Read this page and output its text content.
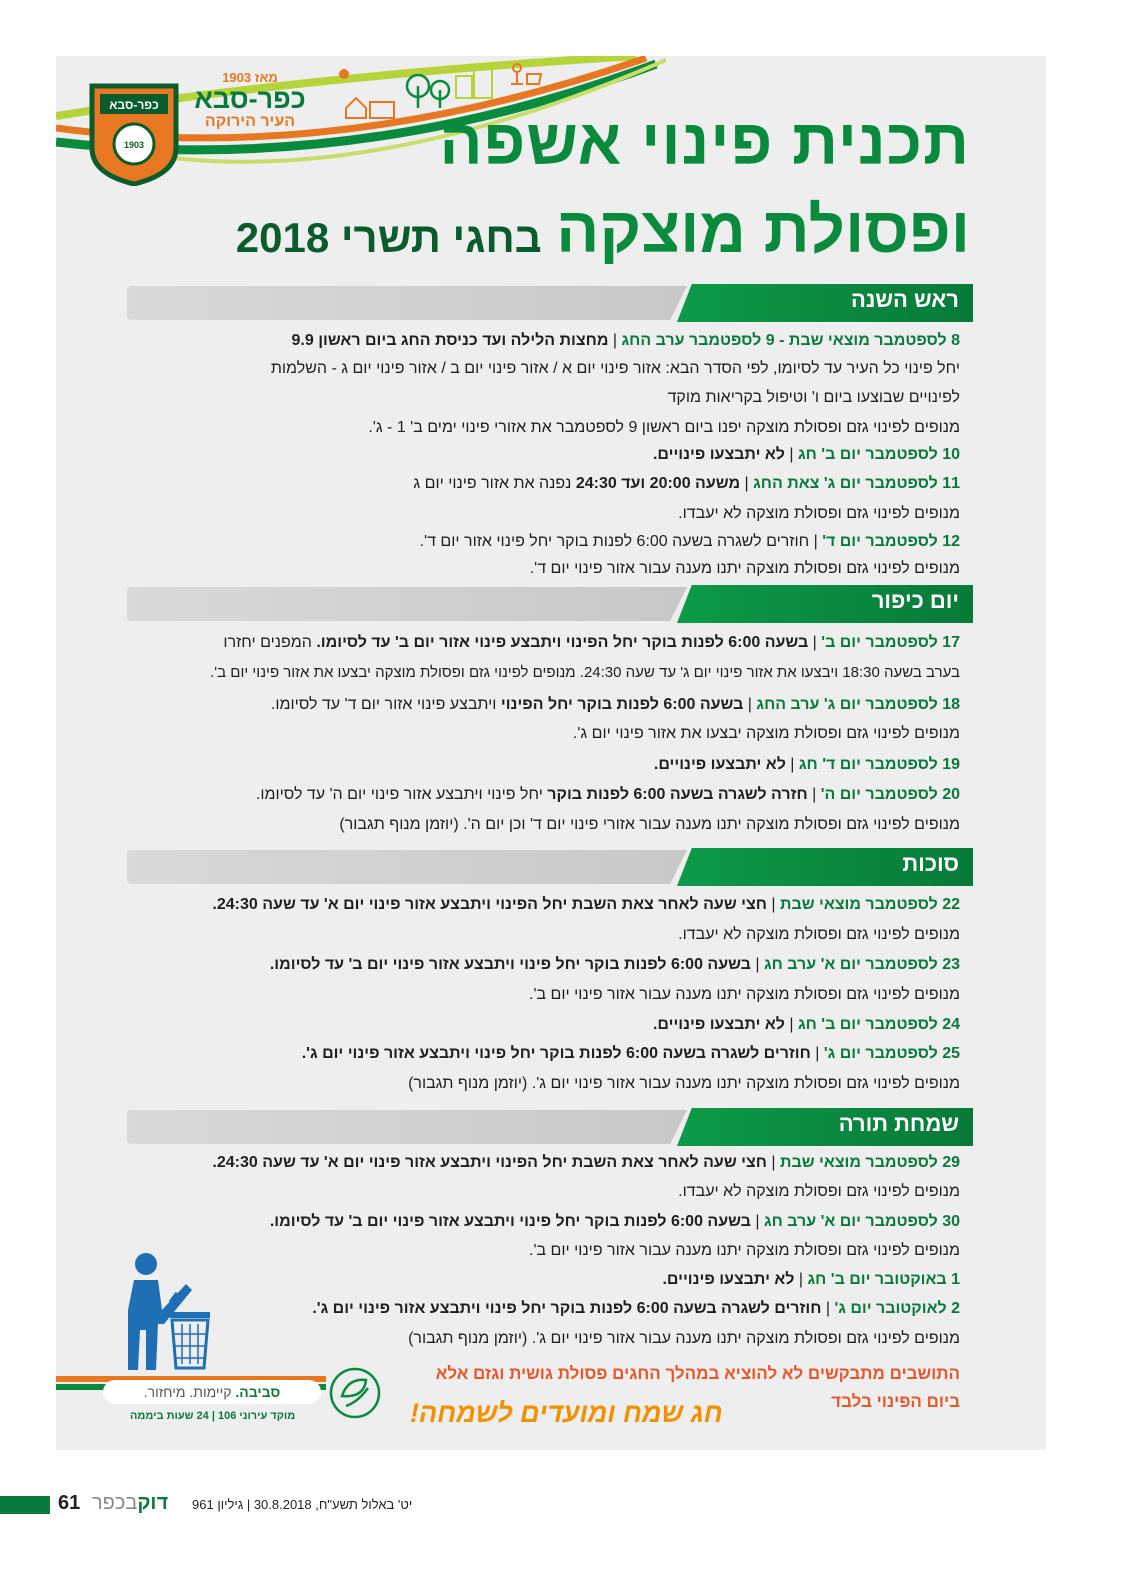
כפר-סבא
1903
מאז 1903
כפר-סבא
העיר הירוקה	תכנית פינוי אשפה
ופסולת מוצקה בחגי תשרי 2018
ראש השנה
יום כיפור
סוכות
שמחת תורה
8 לספטמבר מוצאי שבת - 9 לספטמבר ערב החג | מחצות הלילה ועד כניסת החג ביום ראשון 9.9
יחל פינוי כל העיר עד לסיומו, לפי הסדר הבא: אזור פינוי יום א / אזור פינוי יום ב / אזור פינוי יום ג - השלמות
לפינויים שבוצעו ביום ו' וטיפול בקריאות מוקד
מנופים לפינוי גזם ופסולת מוצקה יפנו ביום ראשון 9 לספטמבר את אזורי פינוי ימים ב' 1 - ג'.
10 לספטמבר יום ב' חג | לא יתבצעו פינויים.
11 לספטמבר יום ג' צאת החג | משעה 20:00 ועד 24:30 נפנה את אזור פינוי יום ג
מנופים לפינוי גזם ופסולת מוצקה לא יעבדו.
12 לספטמבר יום ד' | חוזרים לשגרה בשעה 6:00 לפנות בוקר יחל פינוי אזור יום ד'.
מנופים לפינוי גזם ופסולת מוצקה יתנו מענה עבור אזור פינוי יום ד'.
17 לספטמבר יום ב' | בשעה 6:00 לפנות בוקר יחל הפינוי ויתבצע פינוי אזור יום ב' עד לסיומו. המפנים יחזרו
בערב בשעה 18:30 ויבצעו את אזור פינוי יום ג' עד שעה 24:30. מנופים לפינוי גזם ופסולת מוצקה יבצעו את אזור פינוי יום ב'.
18 לספטמבר יום ג' ערב החג | בשעה 6:00 לפנות בוקר יחל הפינוי ויתבצע פינוי אזור יום ד' עד לסיומו.
מנופים לפינוי גזם ופסולת מוצקה יבצעו את אזור פינוי יום ג'.
19 לספטמבר יום ד' חג | לא יתבצעו פינויים.
20 לספטמבר יום ה' | חזרה לשגרה בשעה 6:00 לפנות בוקר יחל פינוי ויתבצע אזור פינוי יום ה' עד לסיומו.
מנופים לפינוי גזם ופסולת מוצקה יתנו מענה עבור אזורי פינוי יום ד' וכן יום ה'. (יוזמן מנוף תגבור)
22 לספטמבר מוצאי שבת | חצי שעה לאחר צאת השבת יחל הפינוי ויתבצע אזור פינוי יום א' עד שעה 24:30.
מנופים לפינוי גזם ופסולת מוצקה לא יעבדו.
23 לספטמבר יום א' ערב חג | בשעה 6:00 לפנות בוקר יחל פינוי ויתבצע אזור פינוי יום ב' עד לסיומו.
מנופים לפינוי גזם ופסולת מוצקה יתנו מענה עבור אזור פינוי יום ב'.
24 לספטמבר יום ב' חג | לא יתבצעו פינויים.
25 לספטמבר יום ג' | חוזרים לשגרה בשעה 6:00 לפנות בוקר יחל פינוי ויתבצע אזור פינוי יום ג'.
מנופים לפינוי גזם ופסולת מוצקה יתנו מענה עבור אזור פינוי יום ג'. (יוזמן מנוף תגבור)
29 לספטמבר מוצאי שבת | חצי שעה לאחר צאת השבת יחל הפינוי ויתבצע אזור פינוי יום א' עד שעה 24:30.
מנופים לפינוי גזם ופסולת מוצקה לא יעבדו.
30 לספטמבר יום א' ערב חג | בשעה 6:00 לפנות בוקר יחל פינוי ויתבצע אזור פינוי יום ב' עד לסיומו.
מנופים לפינוי גזם ופסולת מוצקה יתנו מענה עבור אזור פינוי יום ב'.
1 באוקטובר יום ב' חג | לא יתבצעו פינויים.
2 לאוקטובר יום ג' | חוזרים לשגרה בשעה 6:00 לפנות בוקר יחל פינוי ויתבצע אזור פינוי יום ג'.
מנופים לפינוי גזם ופסולת מוצקה יתנו מענה עבור אזור פינוי יום ג'. (יוזמן מנוף תגבור)
סביבה. קיימות. מיחזור.
מוקד עירוני 106 | 24 שעות ביממה
התושבים מתבקשים לא להוציא במהלך החגים פסולת גושית וגזם אלא
ביום הפינוי בלבד
חג שמח ומועדים לשמחה!
61	דוקבכפר	יט' באלול תשע"ח, 30.8.2018 | גיליון 961
